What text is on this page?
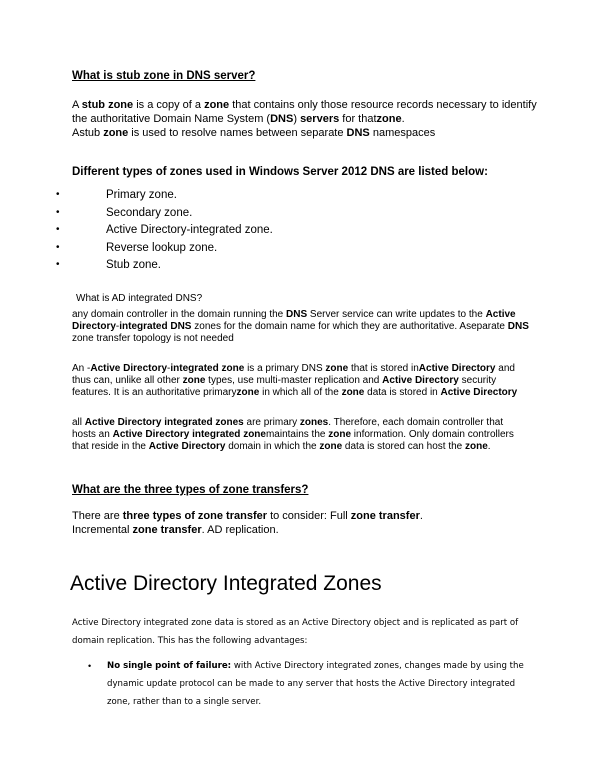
What is stub zone in DNS server?

A stub zone is a copy of a zone that contains only those resource records necessary to identify the authoritative Domain Name System (DNS) servers for thatzone.
Astub zone is used to resolve names between separate DNS namespaces

Different types of zones used in Windows Server 2012 DNS are listed below:

•	Primary zone.
•	Secondary zone.
•	Active Directory-integrated zone.
•	Reverse lookup zone.
•	Stub zone.

What is AD integrated DNS?

any domain controller in the domain running the DNS Server service can write updates to the Active Directory-integrated DNS zones for the domain name for which they are authoritative. Aseparate DNS zone transfer topology is not needed

An -Active Directory-integrated zone is a primary DNS zone that is stored inActive Directory and thus can, unlike all other zone types, use multi-master replication and Active Directory security features. It is an authoritative primaryzone in which all of the zone data is stored in Active Directory

all Active Directory integrated zones are primary zones. Therefore, each domain controller that hosts an Active Directory integrated zonemaintains the zone information. Only domain controllers that reside in the Active Directory domain in which the zone data is stored can host the zone.

What are the three types of zone transfers?

There are three types of zone transfer to consider: Full zone transfer.
Incremental zone transfer. AD replication.

Active Directory Integrated Zones

Active Directory integrated zone data is stored as an Active Directory object and is replicated as part of domain replication. This has the following advantages:

• No single point of failure: with Active Directory integrated zones, changes made by using the dynamic update protocol can be made to any server that hosts the Active Directory integrated zone, rather than to a single server.
